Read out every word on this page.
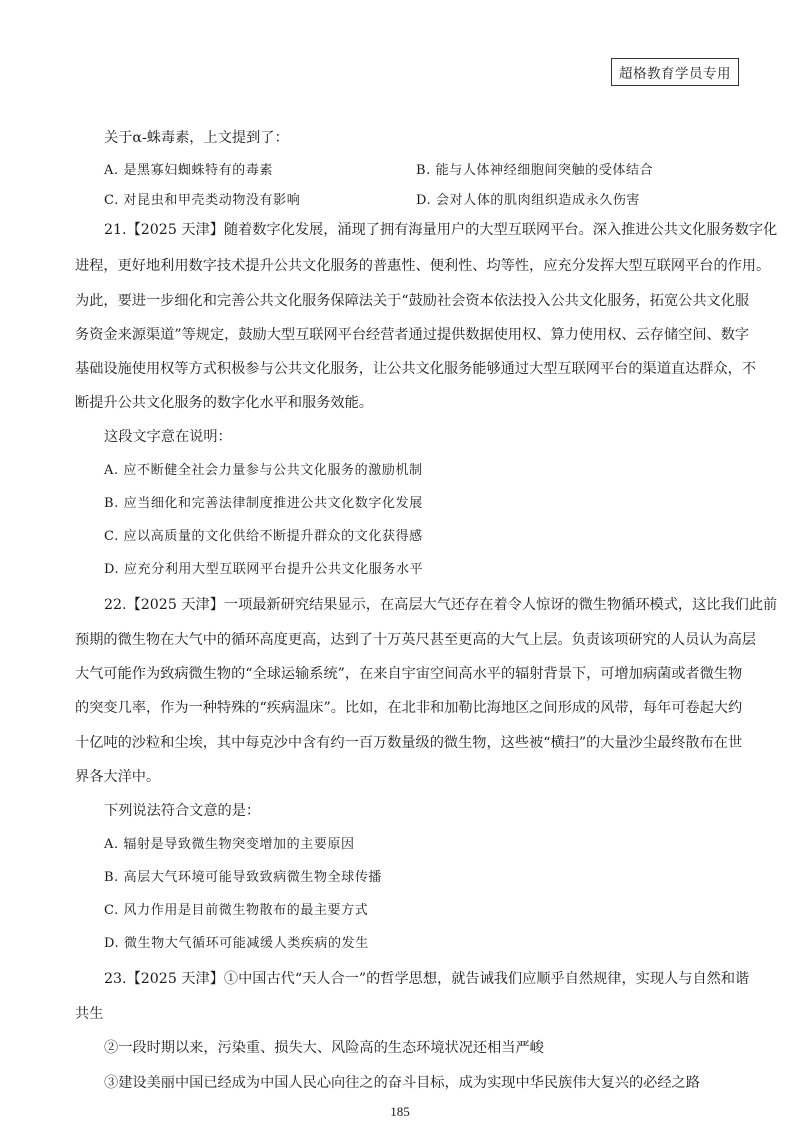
超格教育学员专用
关于α-蛛毒素，上文提到了：
A. 是黑寡妇蜘蛛特有的毒素	B. 能与人体神经细胞间突触的受体结合
C. 对昆虫和甲壳类动物没有影响	D. 会对人体的肌肉组织造成永久伤害
21.【2025 天津】随着数字化发展，涌现了拥有海量用户的大型互联网平台。深入推进公共文化服务数字化
进程，更好地利用数字技术提升公共文化服务的普惠性、便利性、均等性，应充分发挥大型互联网平台的作用。
为此，要进一步细化和完善公共文化服务保障法关于“鼓励社会资本依法投入公共文化服务，拓宽公共文化服
务资金来源渠道”等规定，鼓励大型互联网平台经营者通过提供数据使用权、算力使用权、云存储空间、数字
基础设施使用权等方式积极参与公共文化服务，让公共文化服务能够通过大型互联网平台的渠道直达群众，不
断提升公共文化服务的数字化水平和服务效能。
这段文字意在说明：
A. 应不断健全社会力量参与公共文化服务的激励机制
B. 应当细化和完善法律制度推进公共文化数字化发展
C. 应以高质量的文化供给不断提升群众的文化获得感
D. 应充分利用大型互联网平台提升公共文化服务水平
22.【2025 天津】一项最新研究结果显示，在高层大气还存在着令人惊讶的微生物循环模式，这比我们此前
预期的微生物在大气中的循环高度更高，达到了十万英尺甚至更高的大气上层。负责该项研究的人员认为高层
大气可能作为致病微生物的“全球运输系统”，在来自宇宙空间高水平的辐射背景下，可增加病菌或者微生物
的突变几率，作为一种特殊的“疾病温床”。比如，在北非和加勒比海地区之间形成的风带，每年可卷起大约
十亿吨的沙粒和尘埃，其中每克沙中含有约一百万数量级的微生物，这些被“横扫”的大量沙尘最终散布在世
界各大洋中。
下列说法符合文意的是：
A. 辐射是导致微生物突变增加的主要原因
B. 高层大气环境可能导致致病微生物全球传播
C. 风力作用是目前微生物散布的最主要方式
D. 微生物大气循环可能减缓人类疾病的发生
23.【2025 天津】①中国古代“天人合一”的哲学思想，就告诫我们应顺乎自然规律，实现人与自然和谐
共生
②一段时期以来，污染重、损失大、风险高的生态环境状况还相当严峻
③建设美丽中国已经成为中国人民心向往之的奋斗目标，成为实现中华民族伟大复兴的必经之路
185
